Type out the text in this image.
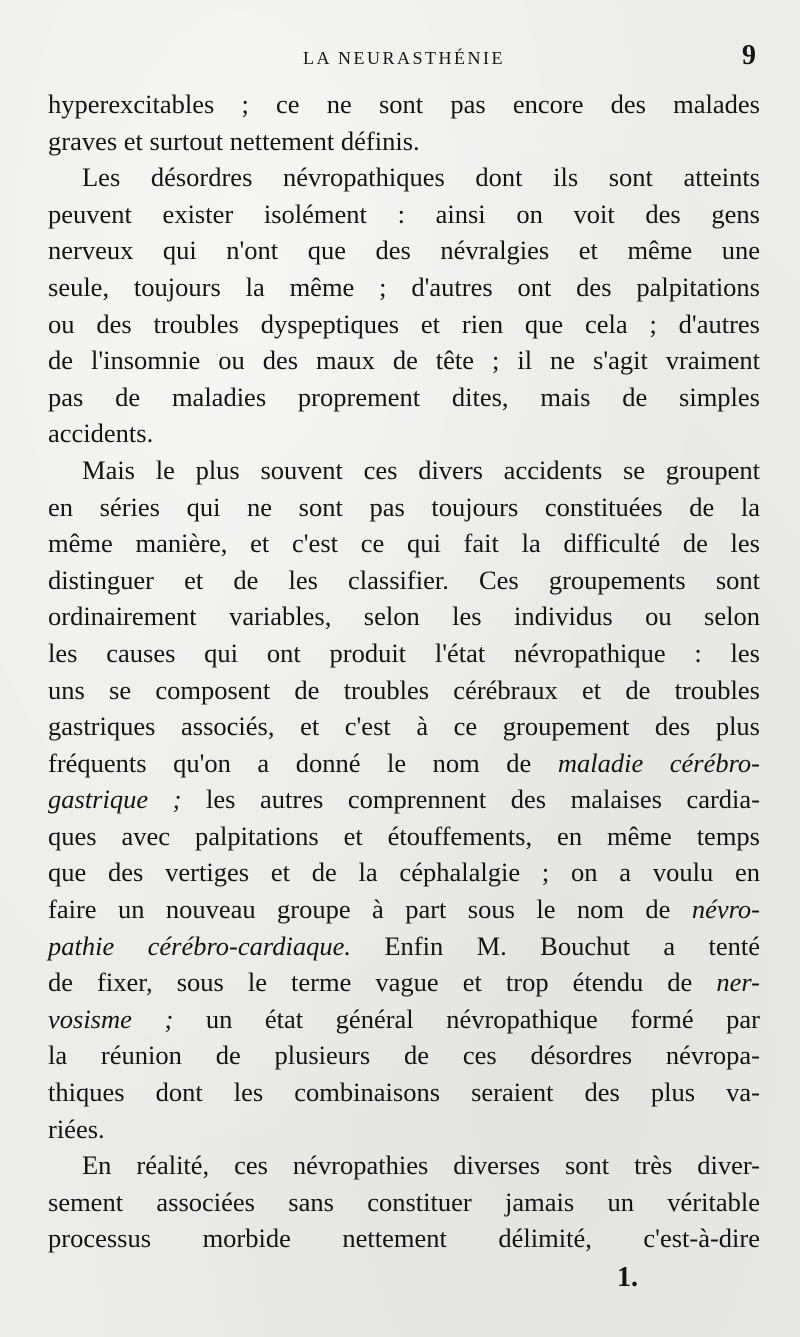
LA NEURASTHÉNIE	9
hyperexcitables ; ce ne sont pas encore des malades
graves et surtout nettement définis.
Les désordres névropathiques dont ils sont atteints
peuvent exister isolément : ainsi on voit des gens
nerveux qui n'ont que des névralgies et même une
seule, toujours la même ; d'autres ont des palpitations
ou des troubles dyspeptiques et rien que cela ; d'autres
de l'insomnie ou des maux de tête ; il ne s'agit vraiment
pas de maladies proprement dites, mais de simples
accidents.
Mais le plus souvent ces divers accidents se groupent
en séries qui ne sont pas toujours constituées de la
même manière, et c'est ce qui fait la difficulté de les
distinguer et de les classifier. Ces groupements sont
ordinairement variables, selon les individus ou selon
les causes qui ont produit l'état névropathique : les
uns se composent de troubles cérébraux et de troubles
gastriques associés, et c'est à ce groupement des plus
fréquents qu'on a donné le nom de maladie cérébro-
gastrique ; les autres comprennent des malaises cardia-
ques avec palpitations et étouffements, en même temps
que des vertiges et de la céphalalgie ; on a voulu en
faire un nouveau groupe à part sous le nom de névro-
pathie cérébro-cardiaque. Enfin M. Bouchut a tenté
de fixer, sous le terme vague et trop étendu de ner-
vosisme ; un état général névropathique formé par
la réunion de plusieurs de ces désordres névropa-
thiques dont les combinaisons seraient des plus va-
riées.
En réalité, ces névropathies diverses sont très diver-
sement associées sans constituer jamais un véritable
processus morbide nettement délimité, c'est-à-dire
1.
